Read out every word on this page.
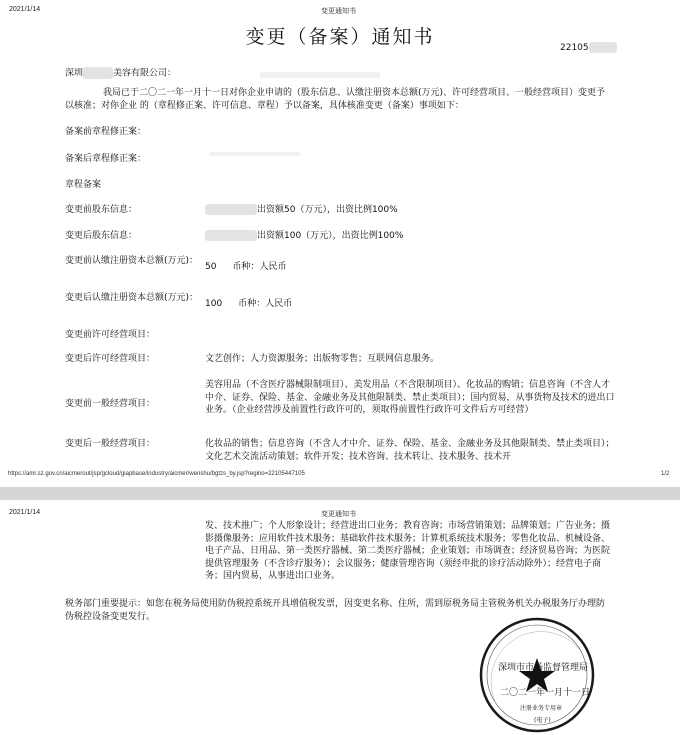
2021/1/14	变更通知书
变更（备案）通知书	22105
深圳	美容有限公司：
我局已于二〇二一年一月十一日对你企业申请的（股东信息、认缴注册资本总额(万元)、许可经营项目、一般经营项目）变更予以核准；对你企业 的（章程修正案、许可信息、章程）予以备案，具体核准变更（备案）事项如下：
备案前章程修正案：
备案后章程修正案：
章程备案
变更前股东信息：	出资额50（万元），出资比例100%
变更后股东信息：	出资额100（万元），出资比例100%
变更前认缴注册资本总额(万元)：
50 币种：人民币
变更后认缴注册资本总额(万元)：
100 币种：人民币
变更前许可经营项目：
变更后许可经营项目：	文艺创作；人力资源服务；出版物零售；互联网信息服务。
变更前一般经营项目：
美容用品（不含医疗器械限制项目）、美发用品（不含限制项目）、化妆品的购销；信息咨询（不含人才中介、证券、保险、基金、金融业务及其他限制类、禁止类项目）；国内贸易，从事货物及技术的进出口业务。（企业经营涉及前置性行政许可的，须取得前置性行政许可文件后方可经营）
变更后一般经营项目：	化妆品的销售；信息咨询（不含人才中介、证券、保险、基金、金融业务及其他限制类、禁止类项目）；文化艺术交流活动策划；软件开发；技术咨询、技术转让、技术服务、技术开
https://amr.sz.gov.cn/aicmerout/jsp/gcloud/giapbase/industry/aicmer/wenshu/bgtzs_by.jsp?regino=22105447105	1/2
2021/1/14	变更通知书
发、技术推广；个人形象设计；经营进出口业务；教育咨询；市场营销策划；品牌策划；广告业务；摄影摄像服务；应用软件技术服务；基础软件技术服务；计算机系统技术服务；零售化妆品、机械设备、电子产品、日用品、第一类医疗器械、第二类医疗器械；企业策划；市场调查；经济贸易咨询；为医院提供管理服务（不含诊疗服务）；会议服务；健康管理咨询（须经申批的诊疗活动除外）；经营电子商务；国内贸易，从事进出口业务。
税务部门重要提示：如您在税务局使用防伪税控系统开具增值税发票，因变更名称、住所，需到原税务局主管税务机关办税服务厅办理防伪税控设备变更发行。
深圳市市场监督管理局
二〇二一年一月十一日
注册业务专用章
(电子)
